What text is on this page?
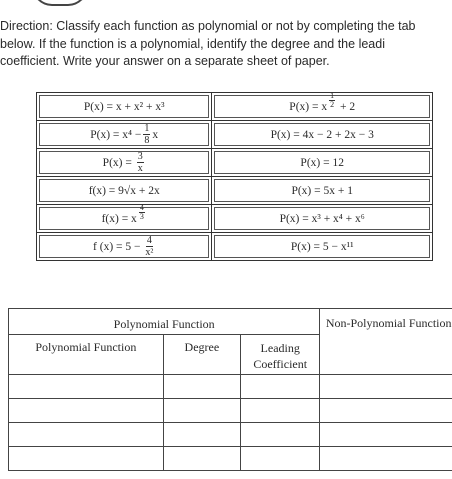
Direction: Classify each function as polynomial or not by completing the tab
below. If the function is a polynomial, identify the degree and the leadi
coefficient. Write your answer on a separate sheet of paper.
P(x) = x + x² + x³	P(x) = x $\frac{1}{2}$
+ 2

$P(x) = x^4 - \frac{1}{8}$ x	P(x) = 4x − 2 + 2x − 3

P(x) =
$\frac{3}{x}$	P(x) = 12

f(x) = 9√x + 2x	P(x) = 5x + 1

f(x) = x $\frac{4}{3}$	P(x) = x³ + x⁴ + x⁶

f (x) = 5 −
$\frac{4}{\text{x²}}$	P(x) = 5 − x¹¹
Polynomial Function			Non-Polynomial Function
Polynomial Function	Degree	Leading Coefficient	
